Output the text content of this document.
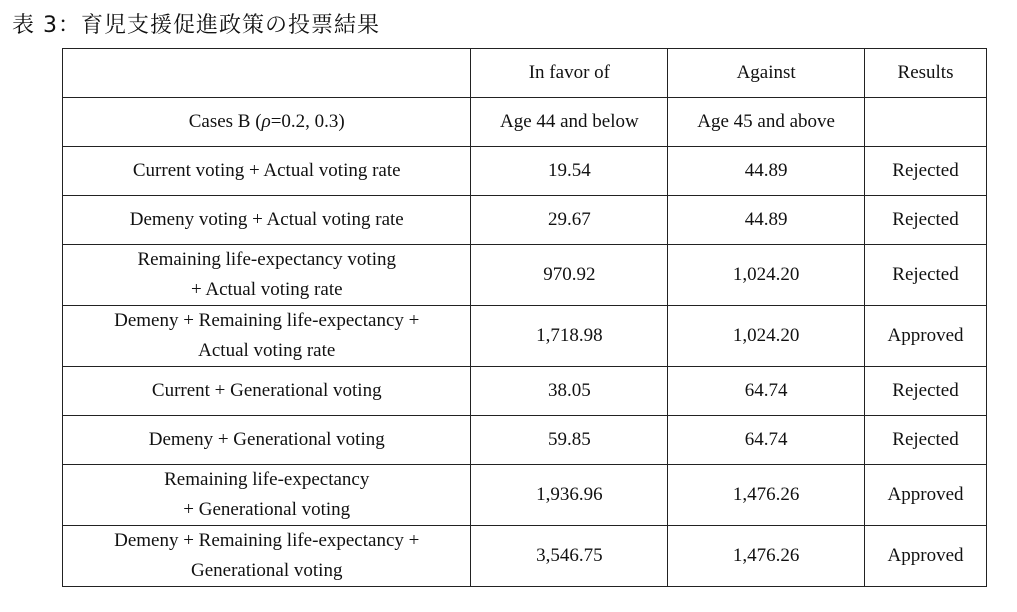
表 3：育児支援促進政策の投票結果
	In favor of	Against	Results
Cases B (ρ=0.2, 0.3)	Age 44 and below	Age 45 and above	

Current voting + Actual voting rate	19.54	44.89	Rejected

Demeny voting + Actual voting rate	29.67	44.89	Rejected

Remaining life-expectancy voting
+ Actual voting rate	970.92	1,024.20	Rejected

Demeny + Remaining life-expectancy +
Actual voting rate	1,718.98	1,024.20	Approved

Current + Generational voting	38.05	64.74	Rejected

Demeny + Generational voting	59.85	64.74	Rejected

Remaining life-expectancy
+ Generational voting	1,936.96	1,476.26	Approved

Demeny + Remaining life-expectancy +
Generational voting	3,546.75	1,476.26	Approved
